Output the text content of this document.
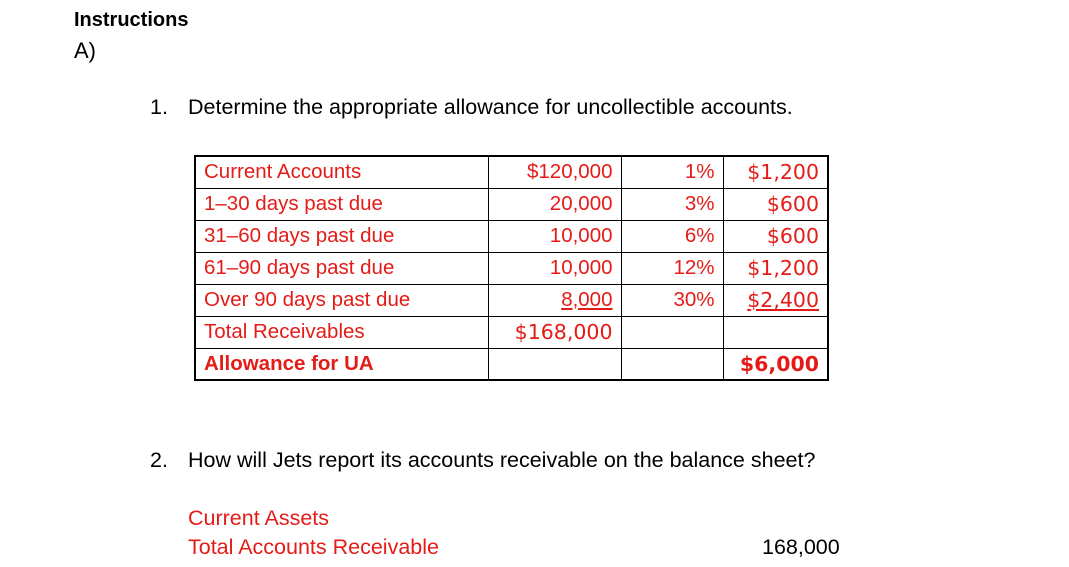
Instructions
A)
1. Determine the appropriate allowance for uncollectible accounts.
Current Accounts	$120,000	1%	$1,200
1–30 days past due	20,000	3%	$600
31–60 days past due	10,000	6%	$600
61–90 days past due	10,000	12%	$1,200
Over 90 days past due	8,000	30%	$2,400
Total Receivables	$168,000		
Allowance for UA			$6,000
2. How will Jets report its accounts receivable on the balance sheet?
Current Assets
Total Accounts Receivable	168,000
